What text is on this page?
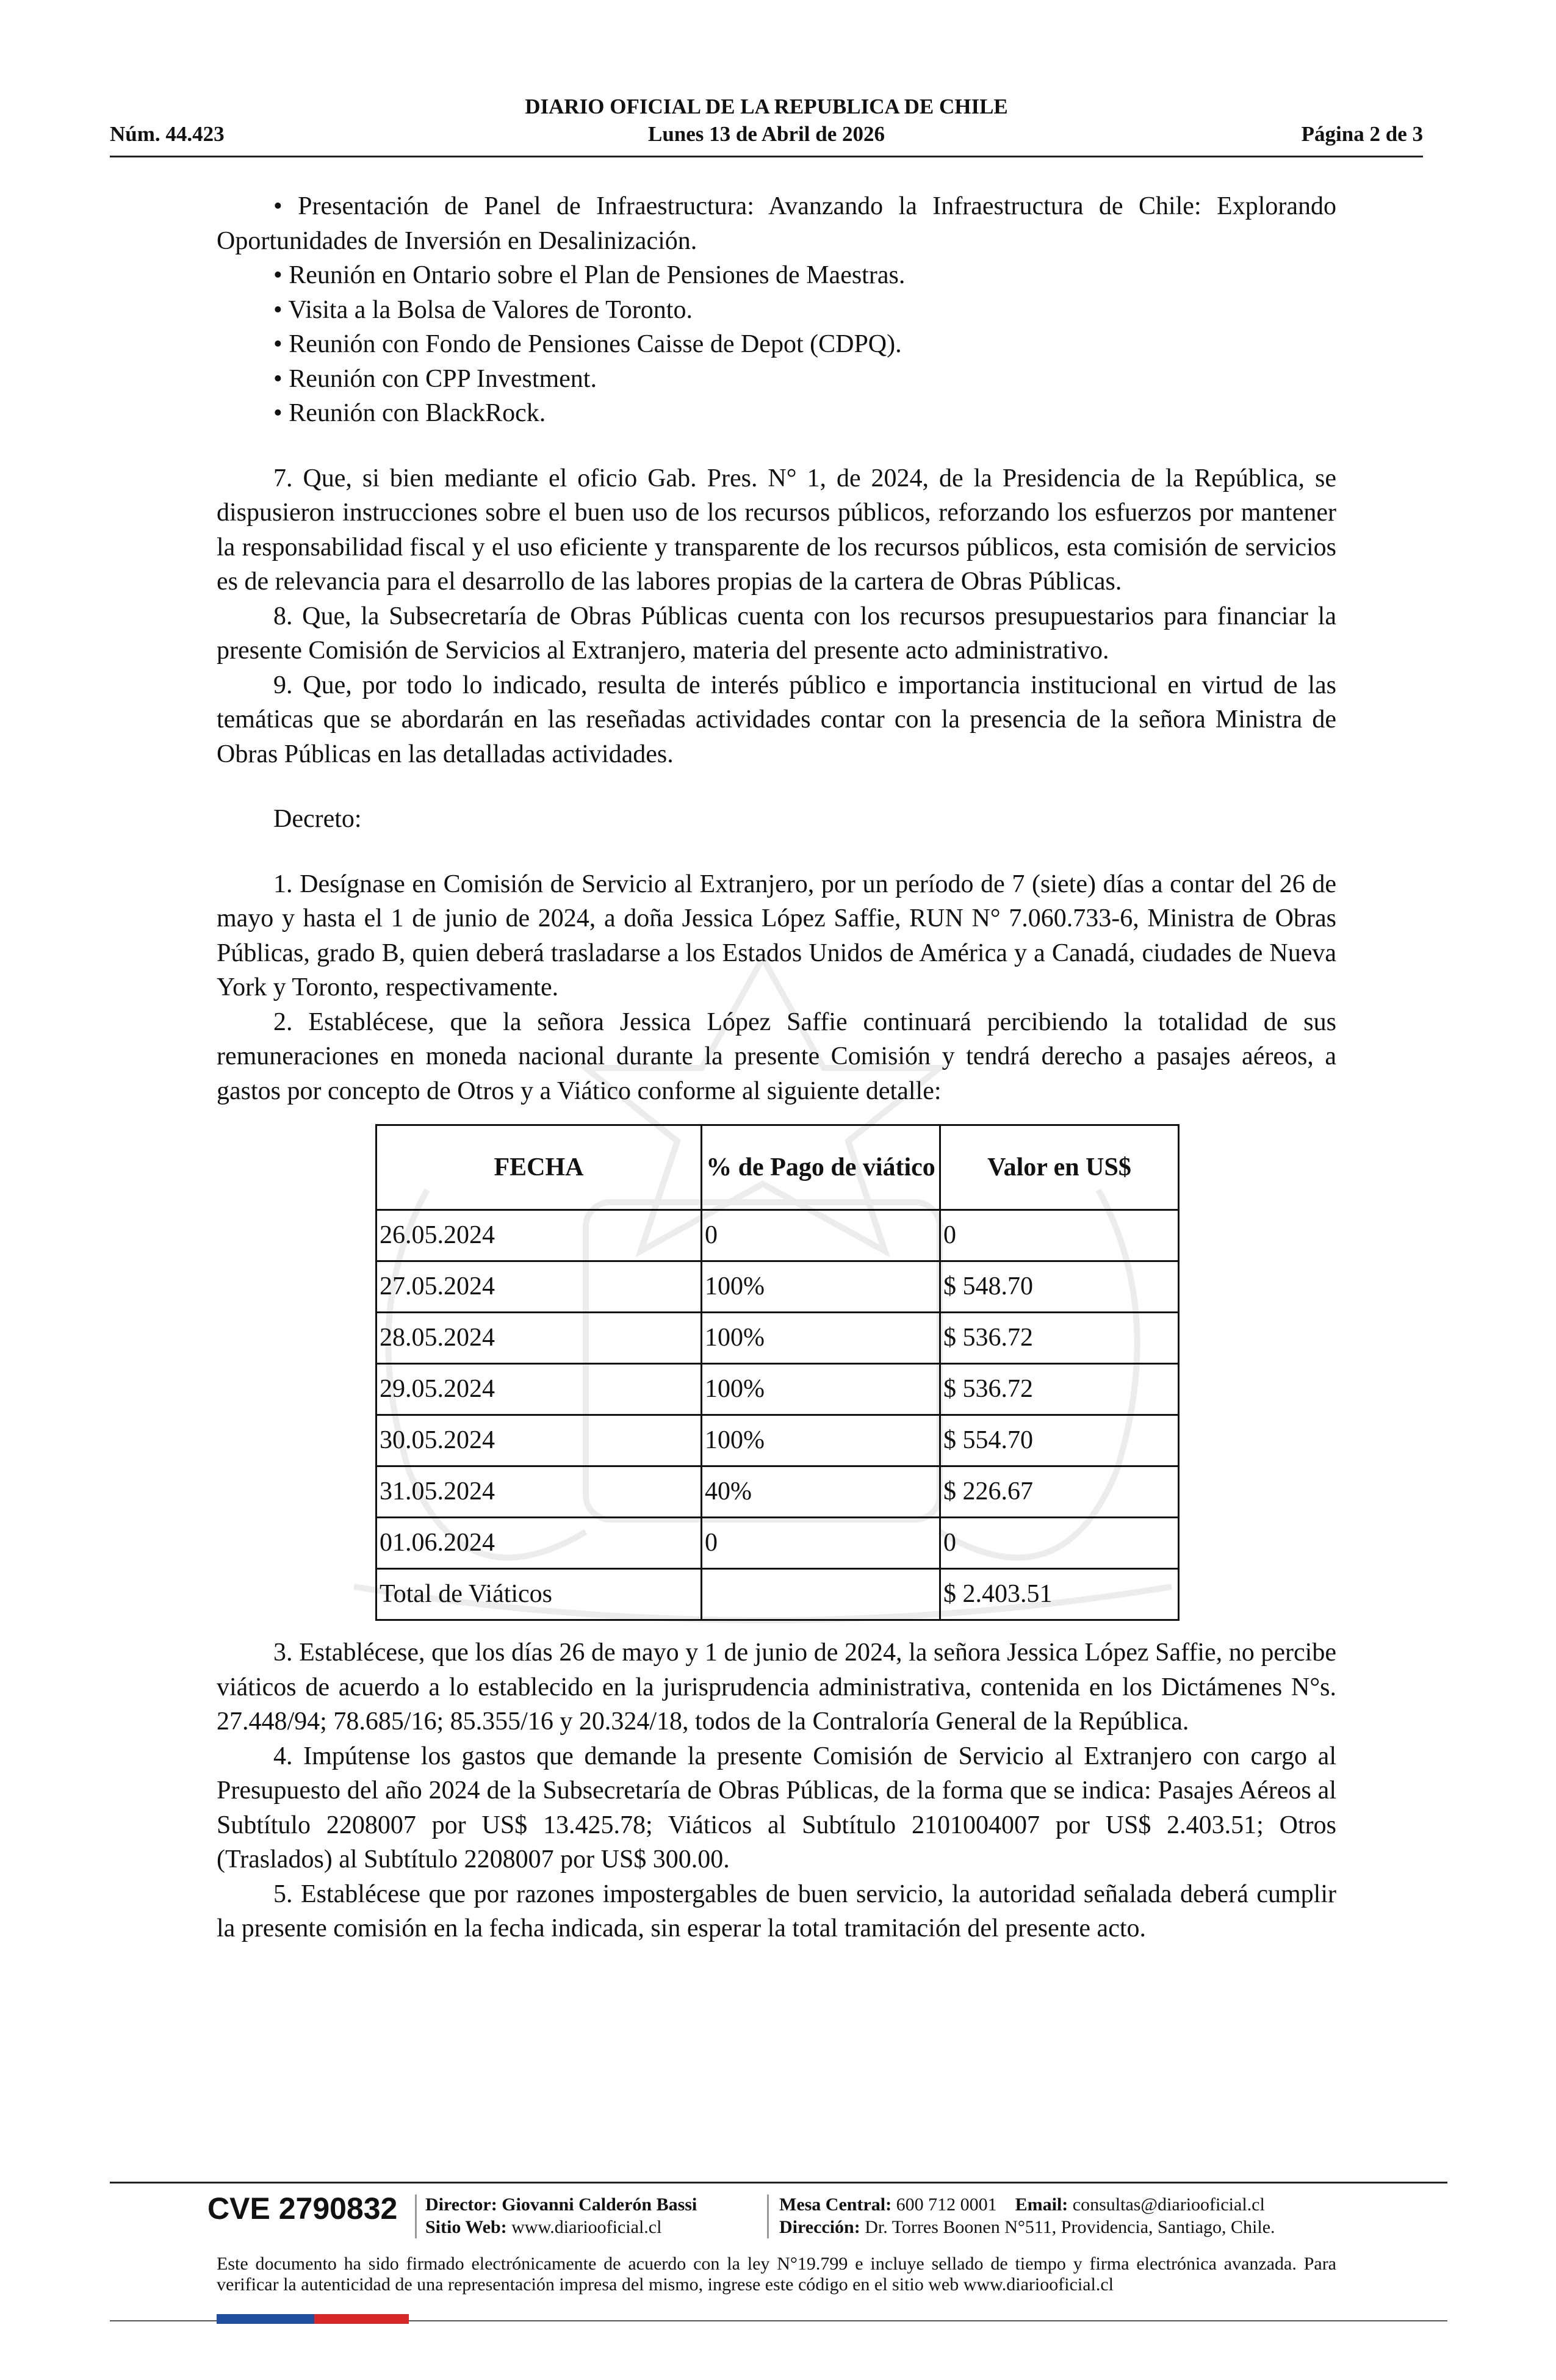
DIARIO OFICIAL DE LA REPUBLICA DE CHILE
Núm. 44.423	Lunes 13 de Abril de 2026	Página 2 de 3

• Presentación de Panel de Infraestructura: Avanzando la Infraestructura de Chile: Explorando Oportunidades de Inversión en Desalinización.

• Reunión en Ontario sobre el Plan de Pensiones de Maestras.

• Visita a la Bolsa de Valores de Toronto.

• Reunión con Fondo de Pensiones Caisse de Depot (CDPQ).

• Reunión con CPP Investment.

• Reunión con BlackRock.

7. Que, si bien mediante el oficio Gab. Pres. N° 1, de 2024, de la Presidencia de la República, se dispusieron instrucciones sobre el buen uso de los recursos públicos, reforzando los esfuerzos por mantener la responsabilidad fiscal y el uso eficiente y transparente de los recursos públicos, esta comisión de servicios es de relevancia para el desarrollo de las labores propias de la cartera de Obras Públicas.

8. Que, la Subsecretaría de Obras Públicas cuenta con los recursos presupuestarios para financiar la presente Comisión de Servicios al Extranjero, materia del presente acto administrativo.

9. Que, por todo lo indicado, resulta de interés público e importancia institucional en virtud de las temáticas que se abordarán en las reseñadas actividades contar con la presencia de la señora Ministra de Obras Públicas en las detalladas actividades.

Decreto:

1. Desígnase en Comisión de Servicio al Extranjero, por un período de 7 (siete) días a contar del 26 de mayo y hasta el 1 de junio de 2024, a doña Jessica López Saffie, RUN N° 7.060.733-6, Ministra de Obras Públicas, grado B, quien deberá trasladarse a los Estados Unidos de América y a Canadá, ciudades de Nueva York y Toronto, respectivamente.

2. Establécese, que la señora Jessica López Saffie continuará percibiendo la totalidad de sus remuneraciones en moneda nacional durante la presente Comisión y tendrá derecho a pasajes aéreos, a gastos por concepto de Otros y a Viático conforme al siguiente detalle:

FECHA	% de Pago de viático	Valor en US$
26.05.2024	0	0
27.05.2024	100%	$ 548.70
28.05.2024	100%	$ 536.72
29.05.2024	100%	$ 536.72
30.05.2024	100%	$ 554.70
31.05.2024	40%	$ 226.67
01.06.2024	0	0
Total de Viáticos		$ 2.403.51

3. Establécese, que los días 26 de mayo y 1 de junio de 2024, la señora Jessica López Saffie, no percibe viáticos de acuerdo a lo establecido en la jurisprudencia administrativa, contenida en los Dictámenes N°s. 27.448/94; 78.685/16; 85.355/16 y 20.324/18, todos de la Contraloría General de la República.

4. Impútense los gastos que demande la presente Comisión de Servicio al Extranjero con cargo al Presupuesto del año 2024 de la Subsecretaría de Obras Públicas, de la forma que se indica: Pasajes Aéreos al Subtítulo 2208007 por US$ 13.425.78; Viáticos al Subtítulo 2101004007 por US$ 2.403.51; Otros (Traslados) al Subtítulo 2208007 por US$ 300.00.

5. Establécese que por razones impostergables de buen servicio, la autoridad señalada deberá cumplir la presente comisión en la fecha indicada, sin esperar la total tramitación del presente acto.

CVE 2790832 Director: Giovanni Calderón Bassi
Sitio Web: www.diariooficial.cl
Mesa Central: 600 712 0001 Email: consultas@diariooficial.cl
Dirección: Dr. Torres Boonen N°511, Providencia, Santiago, Chile.
Este documento ha sido firmado electrónicamente de acuerdo con la ley N°19.799 e incluye sellado de tiempo y firma electrónica avanzada. Para verificar la autenticidad de una representación impresa del mismo, ingrese este código en el sitio web www.diariooficial.cl
